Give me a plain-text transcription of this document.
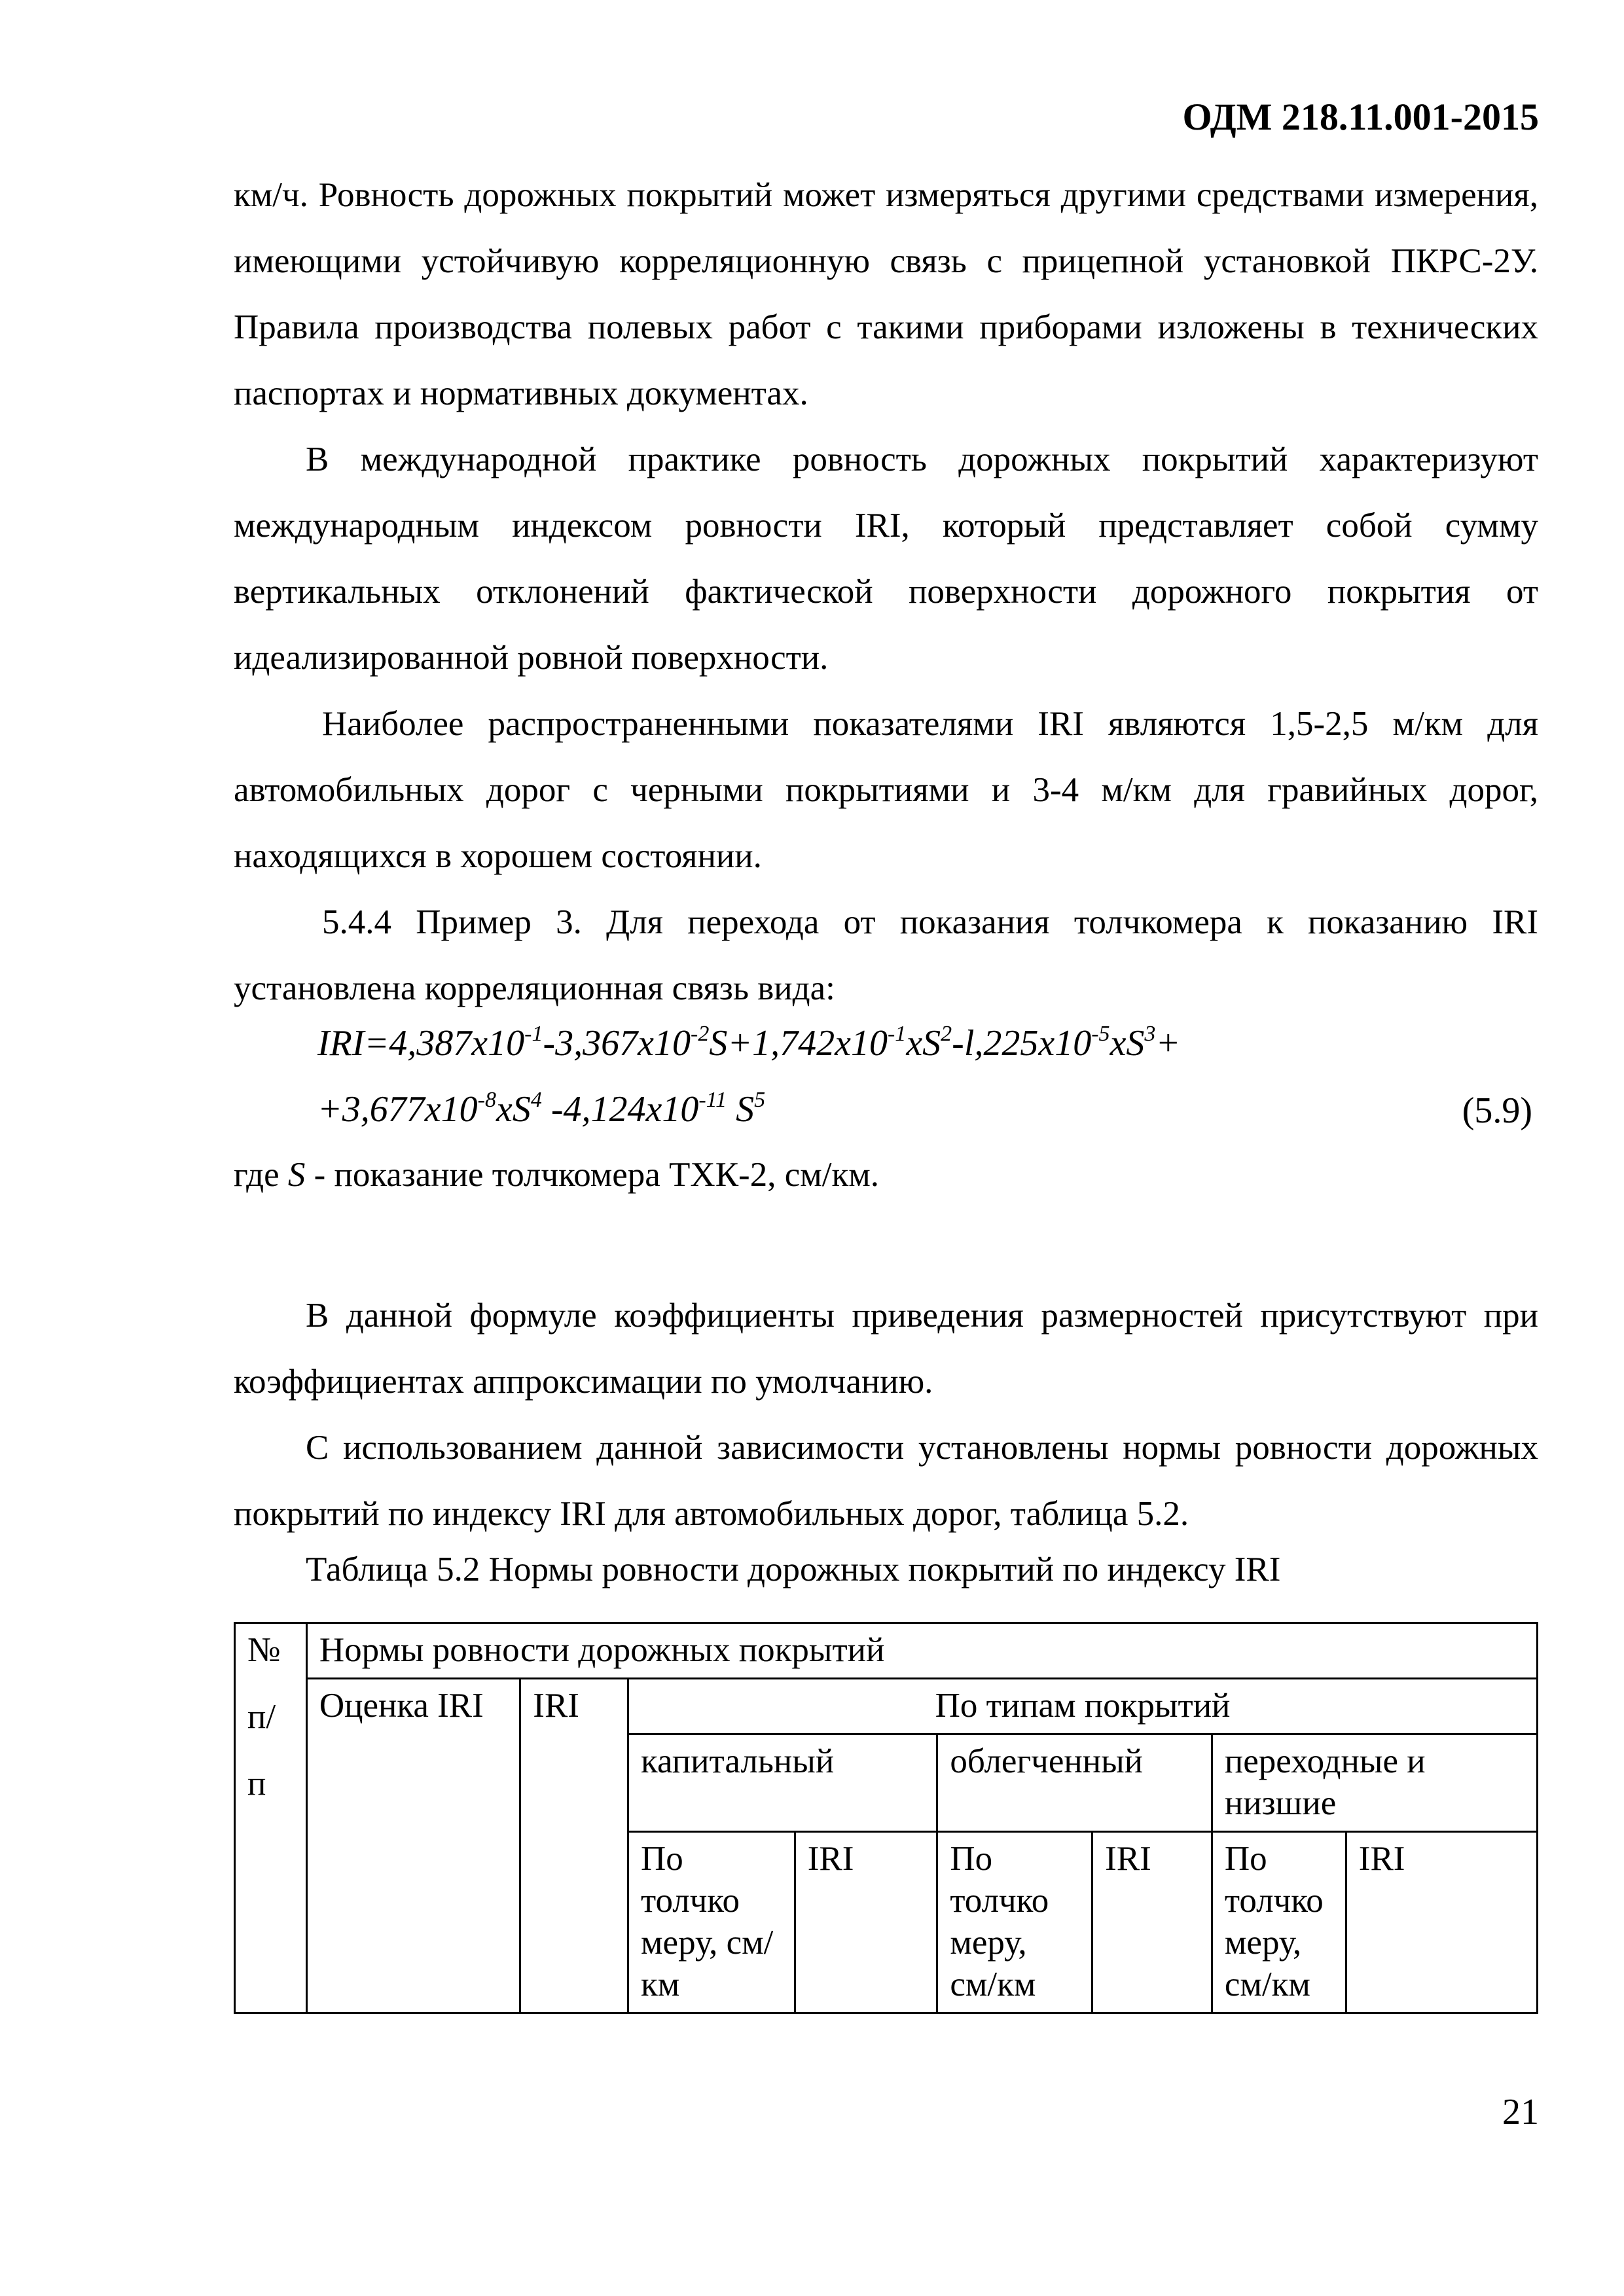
ОДМ 218.11.001-2015

км/ч. Ровность дорожных покрытий может измеряться другими средствами измерения, имеющими устойчивую корреляционную связь с прицепной установкой ПКРС-2У. Правила производства полевых работ с такими приборами изложены в технических паспортах и нормативных документах.

В международной практике ровность дорожных покрытий характеризуют международным индексом ровности IRI, который представляет собой сумму вертикальных отклонений фактической поверхности дорожного покрытия от идеализированной ровной поверхности.

Наиболее распространенными показателями IRI являются 1,5-2,5 м/км для автомобильных дорог с черными покрытиями и 3-4 м/км для гравийных дорог, находящихся в хорошем состоянии.

5.4.4 Пример 3. Для перехода от показания толчкомера к показанию IRI установлена корреляционная связь вида:

$IRI=4,387x10^{-1}-3,367x10^{-2}S+1,742x10^{-1}xS^2-l,225x10^{-5}xS^3+$
$+3,677x10^{-8}xS^4$ $-4,124x10^{-11}$ $S^5$	(5.9)
где S - показание толчкомера ТХК-2, см/км.

В данной формуле коэффициенты приведения размерностей присутствуют при коэффициентах аппроксимации по умолчанию.

С использованием данной зависимости установлены нормы ровности дорожных покрытий по индексу IRI для автомобильных дорог, таблица 5.2.

Таблица 5.2 Нормы ровности дорожных покрытий по индексу IRI
№
п/
п	Нормы ровности дорожных покрытий							
	Оценка IRI	IRI	По типам покрытий					
			капитальный		облегченный		переходные и низшие	
			По толчко меру, см/км	IRI	По толчко меру, см/км	IRI	По толчко меру, см/км	IRI
21
